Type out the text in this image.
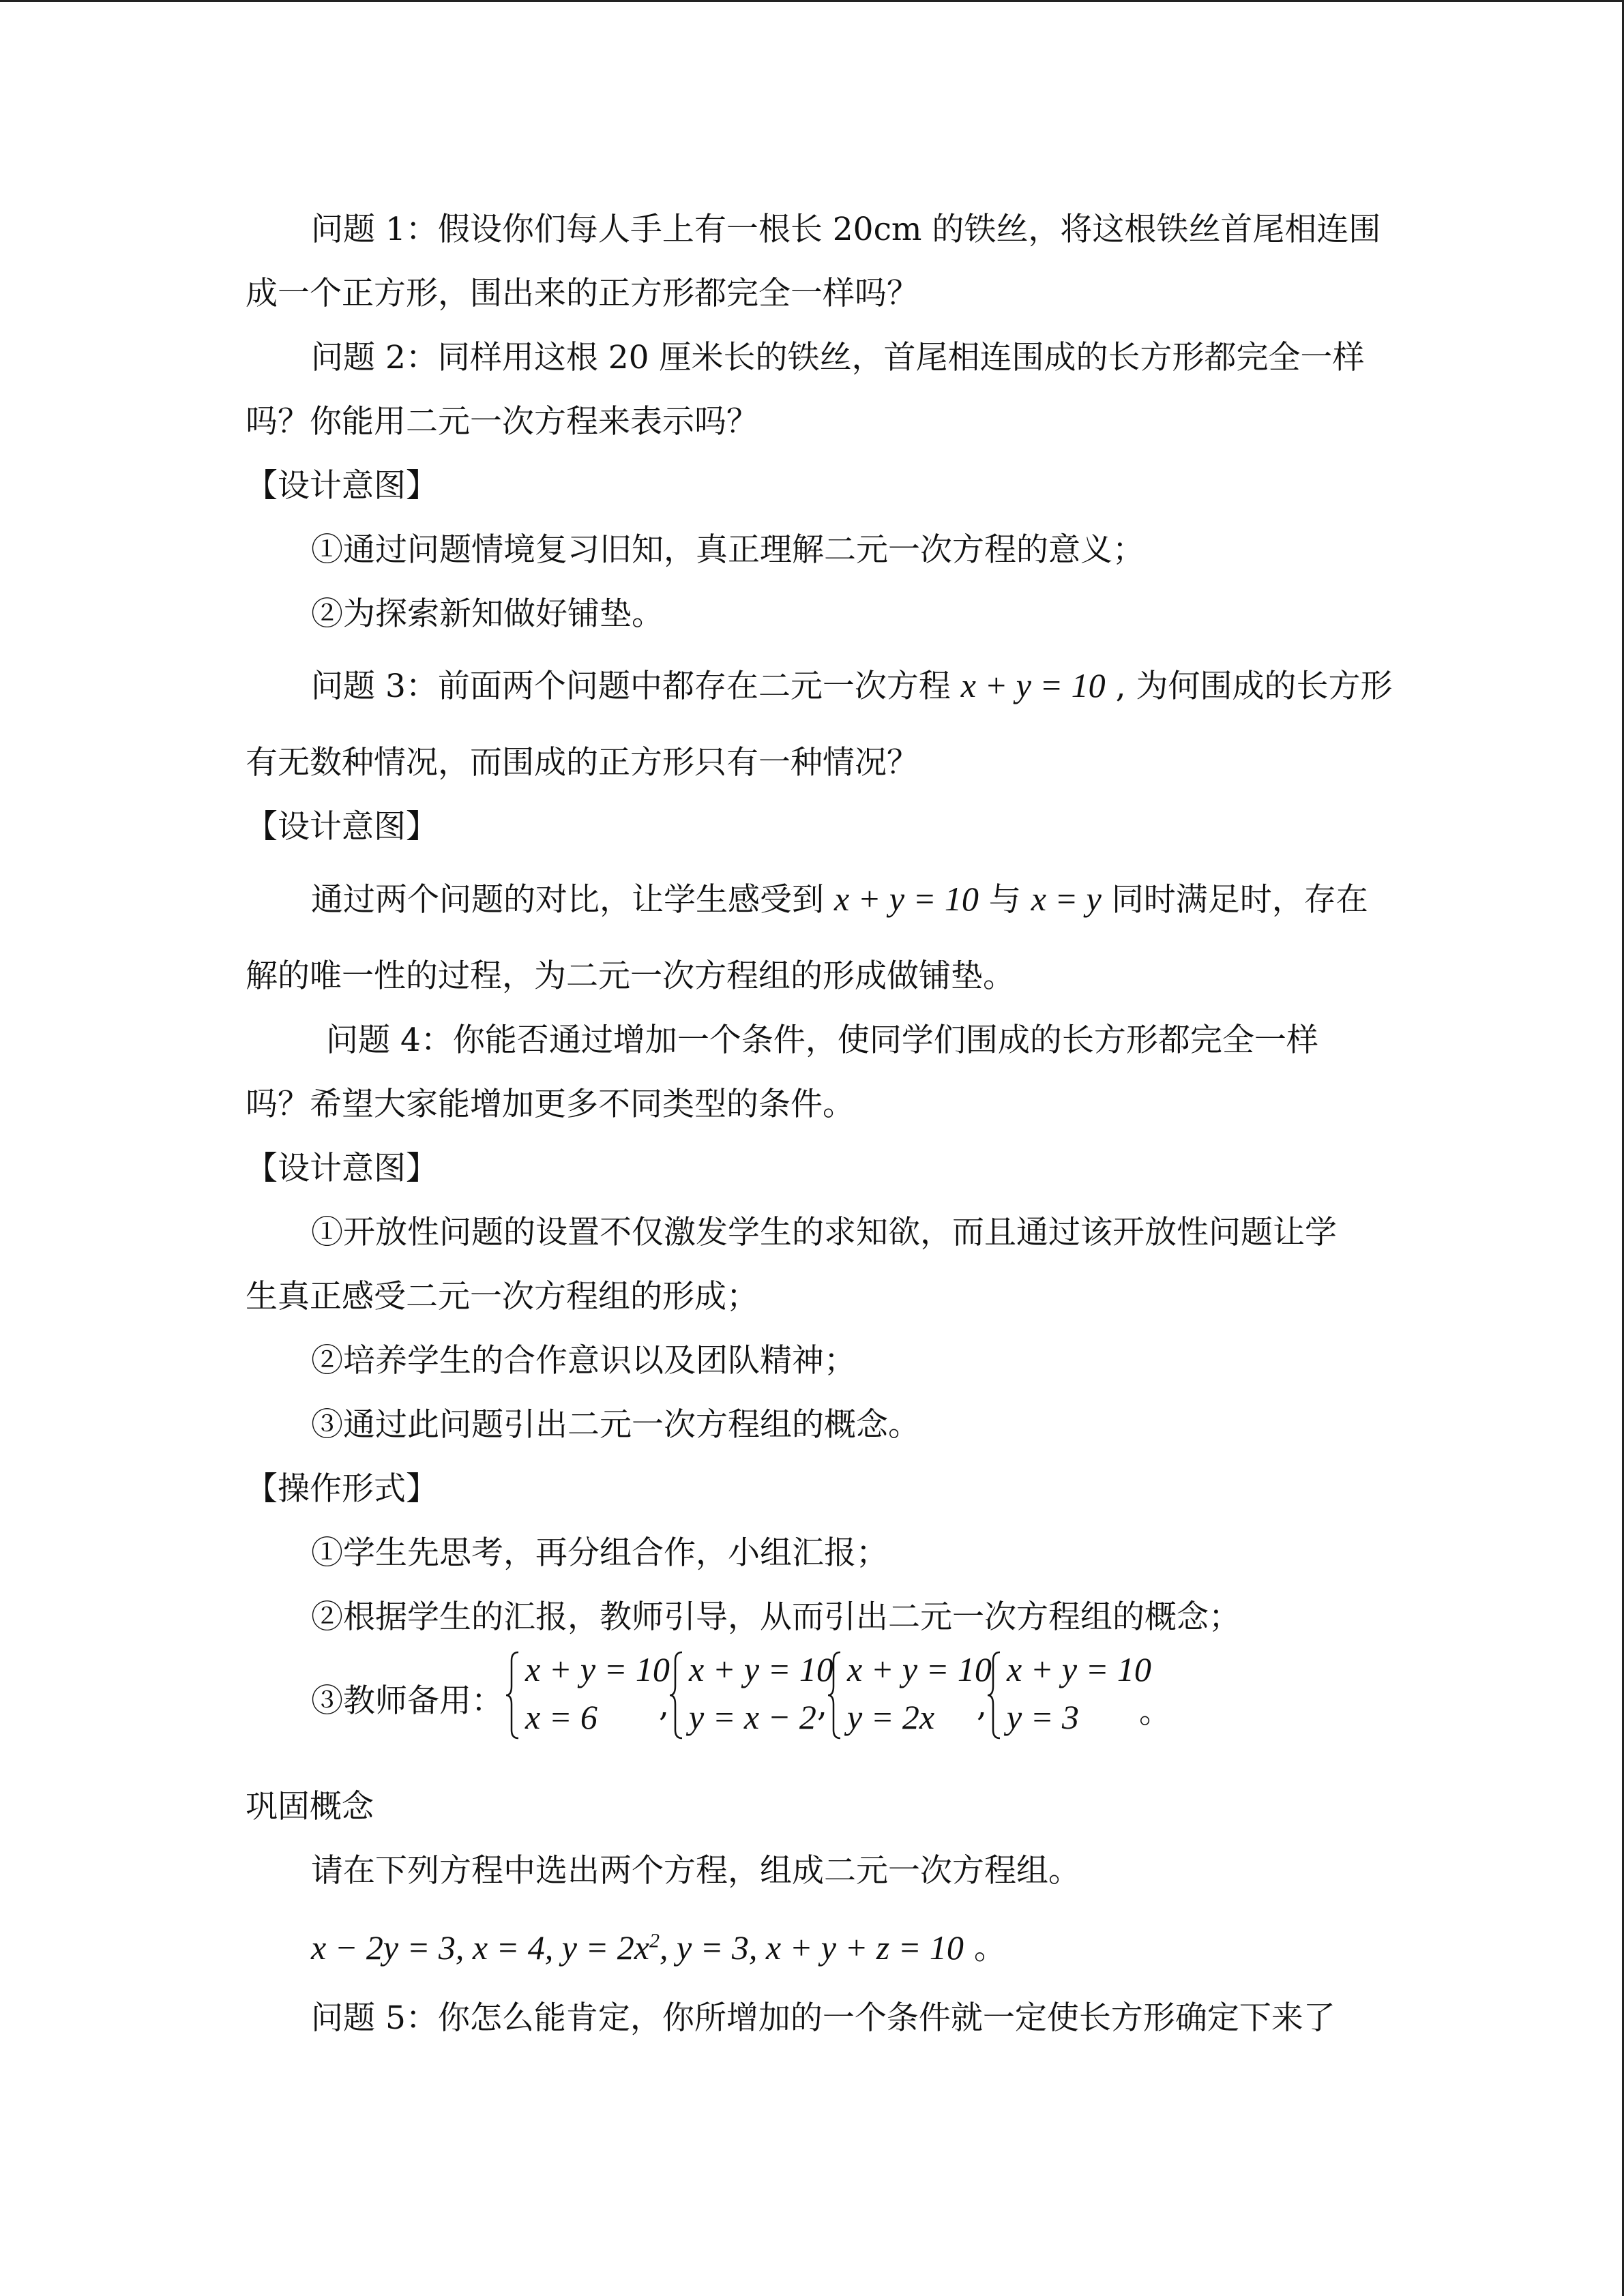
问题 1：假设你们每人手上有一根长 20cm 的铁丝，将这根铁丝首尾相连围
成一个正方形，围出来的正方形都完全一样吗？
问题 2：同样用这根 20 厘米长的铁丝，首尾相连围成的长方形都完全一样
吗？你能用二元一次方程来表示吗？
【设计意图】
①通过问题情境复习旧知，真正理解二元一次方程的意义；
②为探索新知做好铺垫。
问题 3：前面两个问题中都存在二元一次方程 x + y = 10 , 为何围成的长方形
有无数种情况，而围成的正方形只有一种情况？
【设计意图】
通过两个问题的对比，让学生感受到 x + y = 10 与 x = y 同时满足时，存在
解的唯一性的过程，为二元一次方程组的形成做铺垫。
问题 4：你能否通过增加一个条件，使同学们围成的长方形都完全一样
吗？希望大家能增加更多不同类型的条件。
【设计意图】
①开放性问题的设置不仅激发学生的求知欲，而且通过该开放性问题让学
生真正感受二元一次方程组的形成；
②培养学生的合作意识以及团队精神；
③通过此问题引出二元一次方程组的概念。
【操作形式】
①学生先思考，再分组合作，小组汇报；
②根据学生的汇报，教师引导，从而引出二元一次方程组的概念；
③教师备用：
x + y = 10
x = 6 ,
x + y = 10
y = x − 2 ,
x + y = 10
y = 2x ,
x + y = 10
y = 3 。
巩固概念
请在下列方程中选出两个方程，组成二元一次方程组。
x − 2y = 3, x = 4, $y = 2x^2$, y = 3, x + y + z = 10 。
问题 5：你怎么能肯定，你所增加的一个条件就一定使长方形确定下来了
